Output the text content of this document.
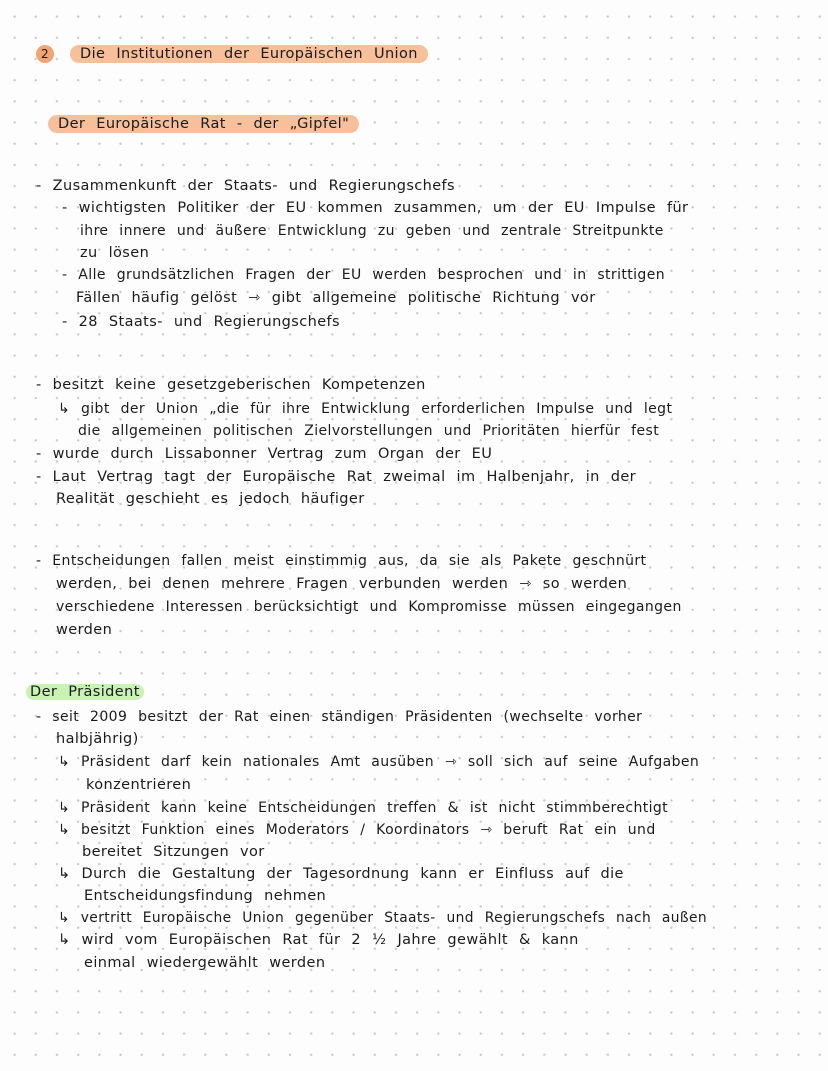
2 Die Institutionen der Europäischen Union
Der Europäische Rat - der „Gipfel"
- Zusammenkunft der Staats- und Regierungschefs
- wichtigsten Politiker der EU kommen zusammen, um der EU Impulse für
ihre innere und äußere Entwicklung zu geben und zentrale Streitpunkte
zu lösen
- Alle grundsätzlichen Fragen der EU werden besprochen und in strittigen
Fällen häufig gelöst ⇾ gibt allgemeine politische Richtung vor
- 28 Staats- und Regierungschefs
- besitzt keine gesetzgeberischen Kompetenzen
↳ gibt der Union „die für ihre Entwicklung erforderlichen Impulse und legt
die allgemeinen politischen Zielvorstellungen und Prioritäten hierfür fest
- wurde durch Lissabonner Vertrag zum Organ der EU
- Laut Vertrag tagt der Europäische Rat zweimal im Halbenjahr, in der
Realität geschieht es jedoch häufiger
- Entscheidungen fallen meist einstimmig aus, da sie als Pakete geschnürt
werden, bei denen mehrere Fragen verbunden werden ⇾ so werden
verschiedene Interessen berücksichtigt und Kompromisse müssen eingegangen
werden
Der Präsident
- seit 2009 besitzt der Rat einen ständigen Präsidenten (wechselte vorher
halbjährig)
↳ Präsident darf kein nationales Amt ausüben ⇾ soll sich auf seine Aufgaben
konzentrieren
↳ Präsident kann keine Entscheidungen treffen & ist nicht stimmberechtigt
↳ besitzt Funktion eines Moderators / Koordinators ⇾ beruft Rat ein und
bereitet Sitzungen vor
↳ Durch die Gestaltung der Tagesordnung kann er Einfluss auf die
Entscheidungsfindung nehmen
↳ vertritt Europäische Union gegenüber Staats- und Regierungschefs nach außen
↳ wird vom Europäischen Rat für 2 ½ Jahre gewählt & kann
einmal wiedergewählt werden
